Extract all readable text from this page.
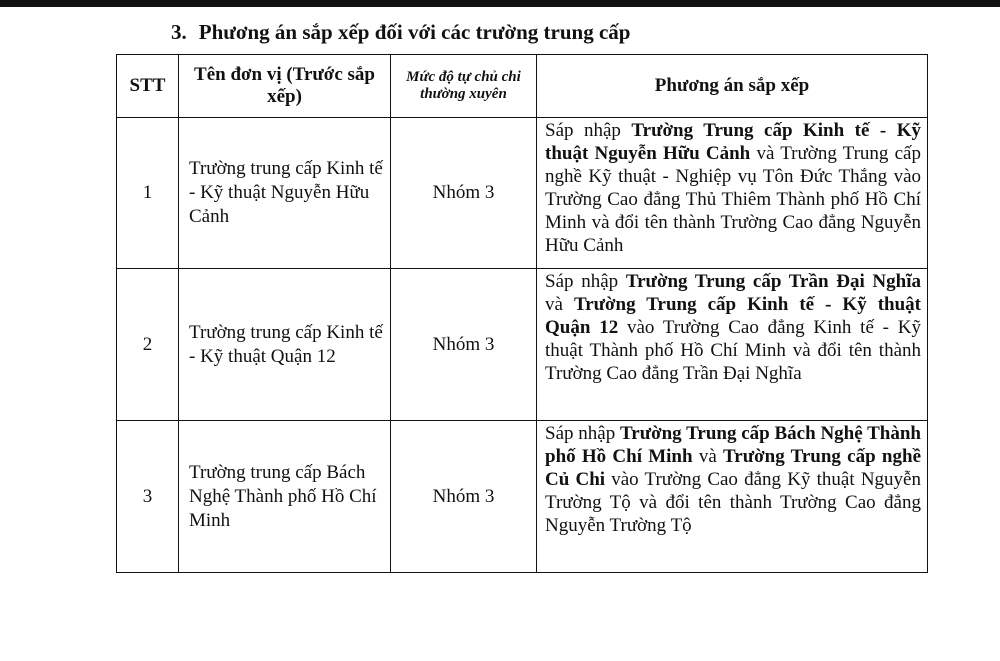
3. Phương án sắp xếp đối với các trường trung cấp
STT	Tên đơn vị (Trước sắp xếp)	Mức độ tự chủ chi thường xuyên	Phương án sắp xếp
1	Trường trung cấp Kinh tế - Kỹ thuật Nguyễn Hữu Cảnh	Nhóm 3	Sáp nhập Trường Trung cấp Kinh tế - Kỹ thuật Nguyễn Hữu Cảnh và Trường Trung cấp nghề Kỹ thuật - Nghiệp vụ Tôn Đức Thắng vào Trường Cao đẳng Thủ Thiêm Thành phố Hồ Chí Minh và đổi tên thành Trường Cao đẳng Nguyễn Hữu Cảnh
2	Trường trung cấp Kinh tế - Kỹ thuật Quận 12	Nhóm 3	Sáp nhập Trường Trung cấp Trần Đại Nghĩa và Trường Trung cấp Kinh tế - Kỹ thuật Quận 12 vào Trường Cao đẳng Kinh tế - Kỹ thuật Thành phố Hồ Chí Minh và đổi tên thành Trường Cao đẳng Trần Đại Nghĩa
3	Trường trung cấp Bách Nghệ Thành phố Hồ Chí Minh	Nhóm 3	Sáp nhập Trường Trung cấp Bách Nghệ Thành phố Hồ Chí Minh và Trường Trung cấp nghề Củ Chi vào Trường Cao đẳng Kỹ thuật Nguyễn Trường Tộ và đổi tên thành Trường Cao đẳng Nguyễn Trường Tộ
